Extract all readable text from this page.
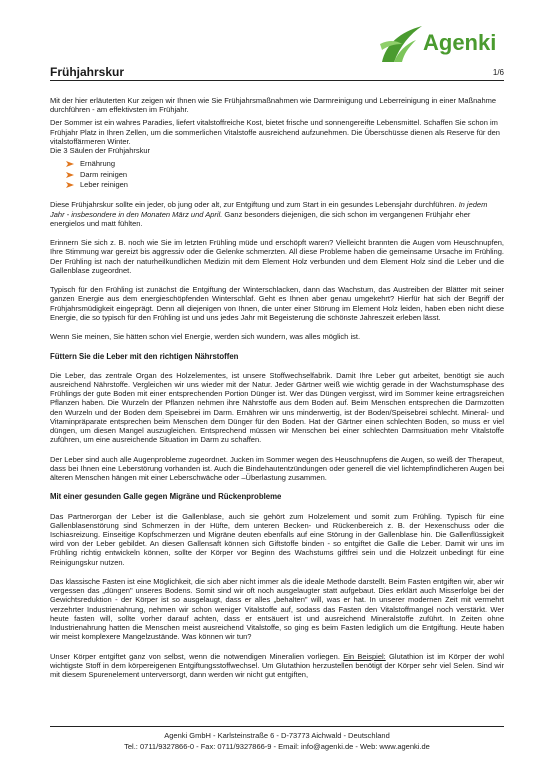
Agenki
Frühjahrskur	1/6

Mit der hier erläuterten Kur zeigen wir Ihnen wie Sie Frühjahrsmaßnahmen wie Darmreinigung und Leberreinigung in einer Maßnahme durchführen - am effektivsten im Frühjahr.

Der Sommer ist ein wahres Paradies, liefert vitalstoffreiche Kost, bietet frische und sonnengereifte Lebensmittel. Schaffen Sie schon im Frühjahr Platz in Ihren Zellen, um die sommerlichen Vitalstoffe ausreichend aufzunehmen. Die Überschüsse dienen als Reserve für den vitalstoffärmeren Winter.

Die 3 Säulen der Frühjahrskur

Ernährung
Darm reinigen
Leber reinigen

Diese Frühjahrskur sollte ein jeder, ob jung oder alt, zur Entgiftung und zum Start in ein gesundes Lebensjahr durchführen. In jedem Jahr - insbesondere in den Monaten März und April. Ganz besonders diejenigen, die sich schon im vergangenen Frühjahr eher energielos und matt fühlten.

Erinnern Sie sich z. B. noch wie Sie im letzten Frühling müde und erschöpft waren? Vielleicht brannten die Augen vom Heuschnupfen, Ihre Stimmung war gereizt bis aggressiv oder die Gelenke schmerzten. All diese Probleme haben die gemeinsame Ursache im Frühling. Der Frühling ist nach der naturheilkundlichen Medizin mit dem Element Holz verbunden und dem Element Holz sind die Leber und die Gallenblase zugeordnet.

Typisch für den Frühling ist zunächst die Entgiftung der Winterschlacken, dann das Wachstum, das Austreiben der Blätter mit seiner ganzen Energie aus dem energieschöpfenden Winterschlaf. Geht es Ihnen aber genau umgekehrt? Hierfür hat sich der Begriff der Frühjahrsmüdigkeit eingeprägt. Denn all diejenigen von Ihnen, die unter einer Störung im Element Holz leiden, haben eben nicht diese Energie, die so typisch für den Frühling ist und uns jedes Jahr mit Begeisterung die schönste Jahreszeit erleben lässt.

Wenn Sie meinen, Sie hätten schon viel Energie, werden sich wundern, was alles möglich ist.

Füttern Sie die Leber mit den richtigen Nährstoffen

Die Leber, das zentrale Organ des Holzelementes, ist unsere Stoffwechselfabrik. Damit Ihre Leber gut arbeitet, benötigt sie auch ausreichend Nährstoffe. Vergleichen wir uns wieder mit der Natur. Jeder Gärtner weiß wie wichtig gerade in der Wachstumsphase des Frühlings der gute Boden mit einer entsprechenden Portion Dünger ist. Wer das Düngen vergisst, wird im Sommer keine ertragsreichen Pflanzen haben. Die Wurzeln der Pflanzen nehmen ihre Nährstoffe aus dem Boden auf. Beim Menschen entsprechen die Darmzotten den Wurzeln und der Boden dem Speisebrei im Darm. Ernähren wir uns minderwertig, ist der Boden/Speisebrei schlecht. Mineral- und Vitaminpräparate entsprechen beim Menschen dem Dünger für den Boden. Hat der Gärtner einen schlechten Boden, so muss er viel düngen, um diesen Mangel auszugleichen. Entsprechend müssen wir Menschen bei einer schlechten Darmsituation mehr Vitalstoffe zuführen, um eine ausreichende Situation im Darm zu schaffen.

Der Leber sind auch alle Augenprobleme zugeordnet. Jucken im Sommer wegen des Heuschnupfens die Augen, so weiß der Therapeut, dass bei Ihnen eine Leberstörung vorhanden ist. Auch die Bindehautentzündungen oder generell die viel lichtempfindlicheren Augen bei älteren Menschen hängen mit einer Leberschwäche oder –Überlastung zusammen.

Mit einer gesunden Galle gegen Migräne und Rückenprobleme

Das Partnerorgan der Leber ist die Gallenblase, auch sie gehört zum Holzelement und somit zum Frühling. Typisch für eine Gallenblasenstörung sind Schmerzen in der Hüfte, dem unteren Becken- und Rückenbereich z. B. der Hexenschuss oder die Ischiasreizung. Einseitige Kopfschmerzen und Migräne deuten ebenfalls auf eine Störung in der Gallenblase hin. Die Gallenflüssigkeit wird von der Leber gebildet. An diesen Gallensaft können sich Giftstoffe binden - so entgiftet die Galle die Leber. Damit wir uns im Frühling richtig entwickeln können, sollte der Körper vor Beginn des Wachstums giftfrei sein und die Holzzeit unbedingt für eine Reinigungskur nutzen.

Das klassische Fasten ist eine Möglichkeit, die sich aber nicht immer als die ideale Methode darstellt. Beim Fasten entgiften wir, aber wir vergessen das „düngen" unseres Bodens. Somit sind wir oft noch ausgelaugter statt aufgebaut. Dies erklärt auch Misserfolge bei der Gewichtsreduktion - der Körper ist so ausgelaugt, dass er alles „behalten" will, was er hat. In unserer modernen Zeit mit vermehrt verzehrter Industrienahrung, nehmen wir schon weniger Vitalstoffe auf, sodass das Fasten den Vitalstoffmangel noch verstärkt. Wer heute fasten will, sollte vorher darauf achten, dass er entsäuert ist und ausreichend Mineralstoffe zuführt. In Zeiten ohne Industrienahrung hatten die Menschen meist ausreichend Vitalstoffe, so ging es beim Fasten lediglich um die Entgiftung. Heute haben wir meist komplexere Mangelzustände. Was können wir tun?

Unser Körper entgiftet ganz von selbst, wenn die notwendigen Mineralien vorliegen. Ein Beispiel: Glutathion ist im Körper der wohl wichtigste Stoff in dem körpereigenen Entgiftungsstoffwechsel. Um Glutathion herzustellen benötigt der Körper sehr viel Selen. Sind wir mit diesem Spurenelement unterversorgt, dann werden wir nicht gut entgiften,

Agenki GmbH - Karlsteinstraße 6 - D-73773 Aichwald - Deutschland
Tel.: 0711/9327866-0 - Fax: 0711/9327866-9 - Email: info@agenki.de - Web: www.agenki.de
